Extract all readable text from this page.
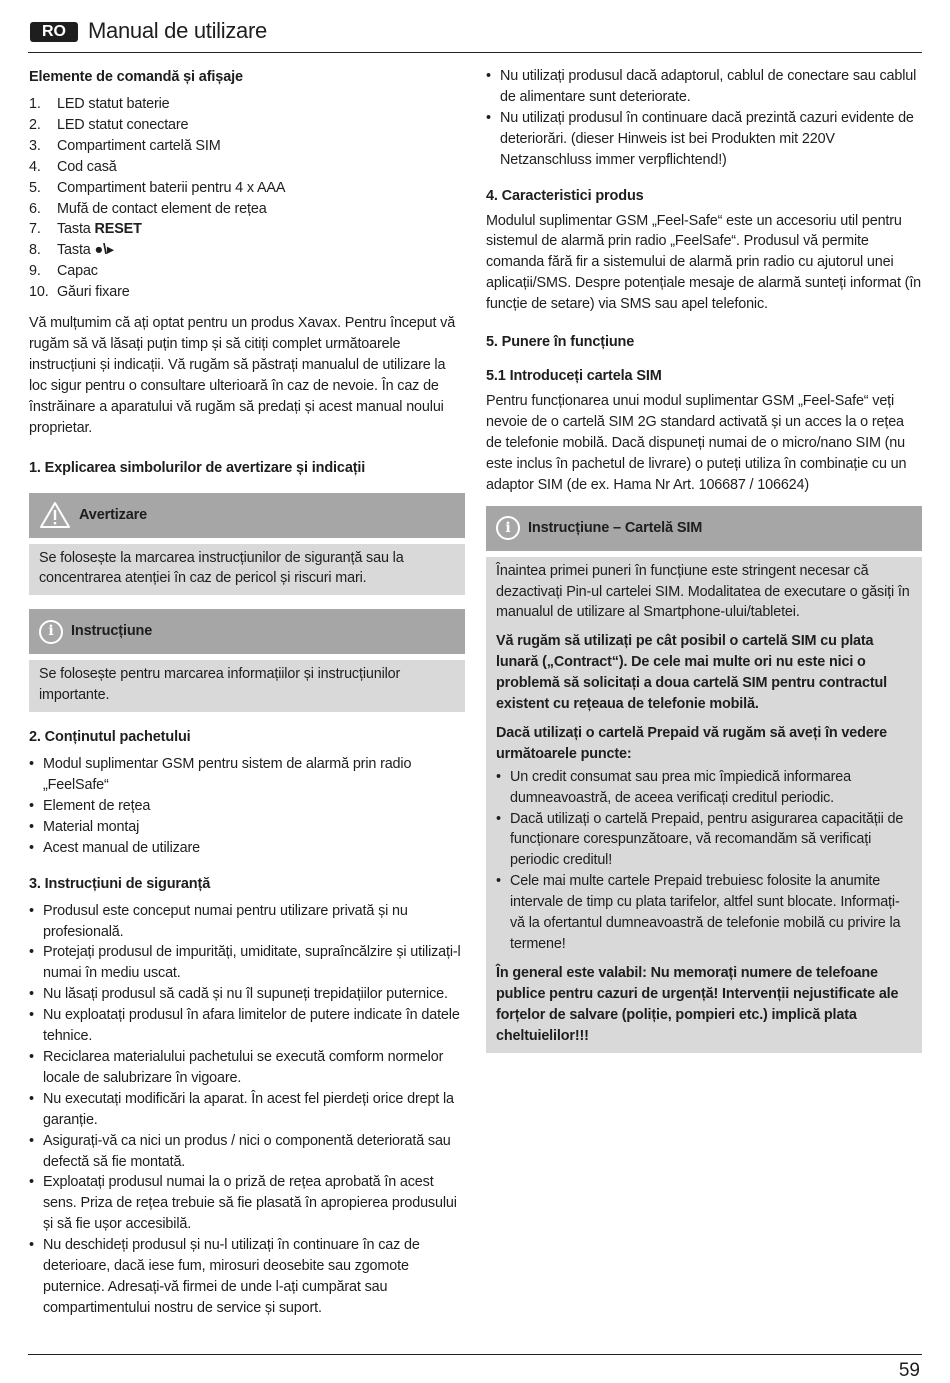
RO	Manual de utilizare
Elemente de comandă și afișaje
1. LED statut baterie
2. LED statut conectare
3. Compartiment cartelă SIM
4. Cod casă
5. Compartiment baterii pentru 4 x AAA
6. Mufă de contact element de rețea
7. Tasta RESET
8. Tasta ●\▸
9. Capac
10. Găuri fixare

Vă mulțumim că ați optat pentru un produs Xavax. Pentru început vă rugăm să vă lăsați puțin timp și să citiți complet următoarele instrucțiuni și indicații. Vă rugăm să păstrați manualul de utilizare la loc sigur pentru o consultare ulterioară în caz de nevoie. În caz de înstrăinare a aparatului vă rugăm să predați și acest manual noului proprietar.

1. Explicarea simbolurilor de avertizare și indicații
Avertizare
Se folosește la marcarea instrucțiunilor de siguranță sau la concentrarea atenției în caz de pericol și riscuri mari.
i	Instrucțiune
Se folosește pentru marcarea informațiilor și instrucțiunilor importante.
2. Conținutul pachetului
• Modul suplimentar GSM pentru sistem de alarmă prin radio „FeelSafe“
• Element de rețea
• Material montaj
• Acest manual de utilizare
3. Instrucțiuni de siguranță
• Produsul este conceput numai pentru utilizare privată și nu profesională.
• Protejați produsul de impurități, umiditate, supraîncălzire și utilizați-l numai în mediu uscat.
• Nu lăsați produsul să cadă și nu îl supuneți trepidațiilor puternice.
• Nu exploatați produsul în afara limitelor de putere indicate în datele tehnice.
• Reciclarea materialului pachetului se execută comform normelor locale de salubrizare în vigoare.
• Nu executați modificări la aparat. În acest fel pierdeți orice drept la garanție.
• Asigurați-vă ca nici un produs / nici o componentă deteriorată sau defectă să fie montată.
• Exploatați produsul numai la o priză de rețea aprobată în acest sens. Priza de rețea trebuie să fie plasată în apropierea produsului și să fie ușor accesibilă.
• Nu deschideți produsul și nu-l utilizați în continuare în caz de deterioare, dacă iese fum, mirosuri deosebite sau zgomote puternice. Adresați-vă firmei de unde l-ați cumpărat sau compartimentului nostru de service și suport.
• Nu utilizați produsul dacă adaptorul, cablul de conectare sau cablul de alimentare sunt deteriorate.
• Nu utilizați produsul în continuare dacă prezintă cazuri evidente de deteriorări. (dieser Hinweis ist bei Produkten mit 220V Netzanschluss immer verpflichtend!)
4. Caracteristici produs

Modulul suplimentar GSM „Feel-Safe“ este un accesoriu util pentru sistemul de alarmă prin radio „FeelSafe“. Produsul vă permite comanda fără fir a sistemului de alarmă prin radio cu ajutorul unei aplicații/SMS. Despre potențiale mesaje de alarmă sunteți informat (în funcție de setare) via SMS sau apel telefonic.

5. Punere în funcțiune
5.1 Introduceți cartela SIM

Pentru funcționarea unui modul suplimentar GSM „Feel-Safe“ veți nevoie de o cartelă SIM 2G standard activată și un acces la o rețea de telefonie mobilă. Dacă dispuneți numai de o micro/nano SIM (nu este inclus în pachetul de livrare) o puteți utiliza în combinație cu un adaptor SIM (de ex. Hama Nr Art. 106687 / 106624)

i	Instrucțiune – Cartelă SIM

Înaintea primei puneri în funcțiune este stringent necesar că dezactivați Pin-ul cartelei SIM. Modalitatea de executare o găsiți în manualul de utilizare al Smartphone-ului/tabletei.

Vă rugăm să utilizați pe cât posibil o cartelă SIM cu plata lunară („Contract“). De cele mai multe ori nu este nici o problemă să solicitați a doua cartelă SIM pentru contractul existent cu rețeaua de telefonie mobilă.

Dacă utilizați o cartelă Prepaid vă rugăm să aveți în vedere următoarele puncte:

• Un credit consumat sau prea mic împiedică informarea dumneavoastră, de aceea verificați creditul periodic.
• Dacă utilizați o cartelă Prepaid, pentru asigurarea capacității de funcționare corespunzătoare, vă recomandăm să verificați periodic creditul!
• Cele mai multe cartele Prepaid trebuiesc folosite la anumite intervale de timp cu plata tarifelor, altfel sunt blocate. Informați-vă la ofertantul dumneavoastră de telefonie mobilă cu privire la termene!

În general este valabil: Nu memorați numere de telefoane publice pentru cazuri de urgență! Intervenții nejustificate ale forțelor de salvare (poliție, pompieri etc.) implică plata cheltuielilor!!!

59
